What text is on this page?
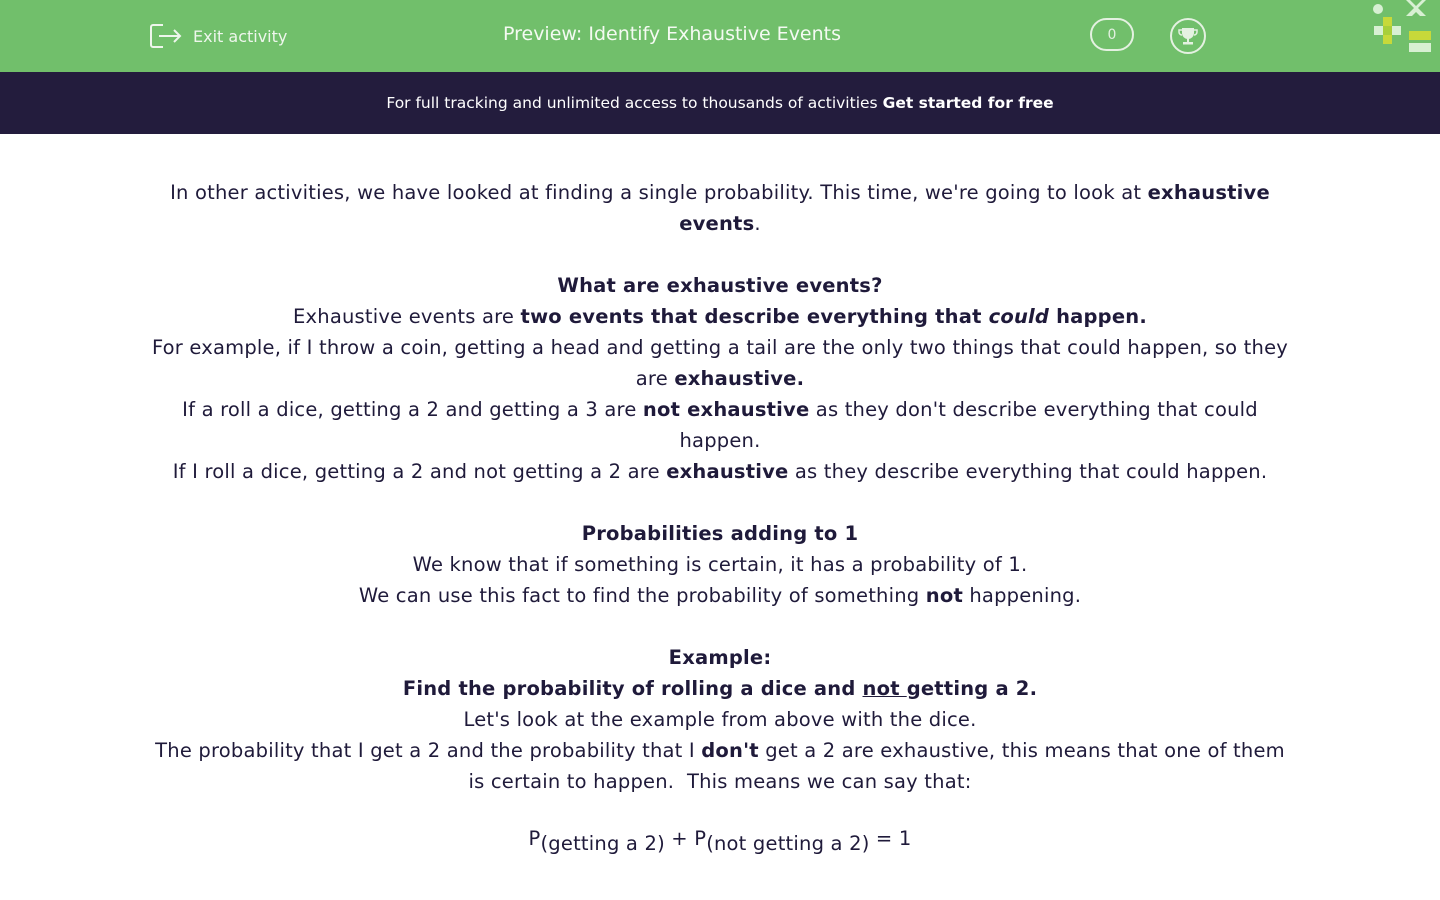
Exit activity	Preview: Identify Exhaustive Events	0
For full tracking and unlimited access to thousands of activities Get started for free
In other activities, we have looked at finding a single probability. This time, we're going to look at exhaustive events.
What are exhaustive events?
Exhaustive events are two events that describe everything that could happen.
For example, if I throw a coin, getting a head and getting a tail are the only two things that could happen, so they are exhaustive.
If a roll a dice, getting a 2 and getting a 3 are not exhaustive as they don't describe everything that could happen.
If I roll a dice, getting a 2 and not getting a 2 are exhaustive as they describe everything that could happen.
Probabilities adding to 1
We know that if something is certain, it has a probability of 1.
We can use this fact to find the probability of something not happening.
Example:
Find the probability of rolling a dice and not getting a 2.
Let's look at the example from above with the dice.
The probability that I get a 2 and the probability that I don't get a 2 are exhaustive, this means that one of them is certain to happen.  This means we can say that:
P(getting a 2) + P(not getting a 2) = 1
